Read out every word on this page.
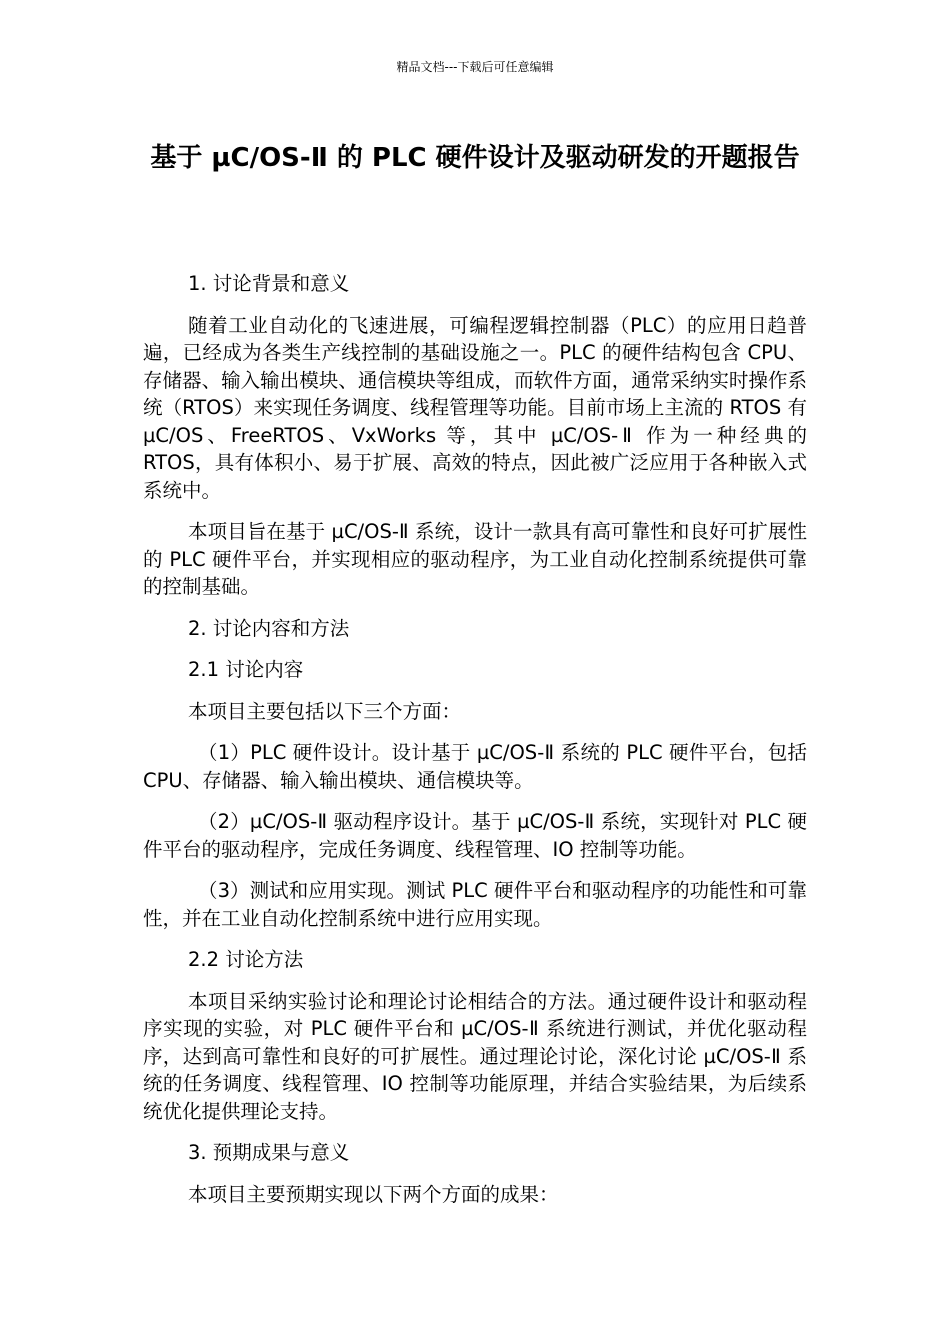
精品文档---下载后可任意编辑
基于 µC/OS-Ⅱ 的 PLC 硬件设计及驱动研发的开题报告

1. 讨论背景和意义

随着工业自动化的飞速进展，可编程逻辑控制器（PLC）的应用日趋普遍，已经成为各类生产线控制的基础设施之一。PLC 的硬件结构包含 CPU、存储器、输入输出模块、通信模块等组成，而软件方面，通常采纳实时操作系统（RTOS）来实现任务调度、线程管理等功能。目前市场上主流的 RTOS 有 µC/OS、FreeRTOS、VxWorks 等，其中 µC/OS-Ⅱ 作为一种经典的 RTOS，具有体积小、易于扩展、高效的特点，因此被广泛应用于各种嵌入式系统中。

本项目旨在基于 µC/OS-Ⅱ 系统，设计一款具有高可靠性和良好可扩展性的 PLC 硬件平台，并实现相应的驱动程序，为工业自动化控制系统提供可靠的控制基础。

2. 讨论内容和方法

2.1 讨论内容

本项目主要包括以下三个方面：

（1）PLC 硬件设计。设计基于 µC/OS-Ⅱ 系统的 PLC 硬件平台，包括 CPU、存储器、输入输出模块、通信模块等。

（2）µC/OS-Ⅱ 驱动程序设计。基于 µC/OS-Ⅱ 系统，实现针对 PLC 硬件平台的驱动程序，完成任务调度、线程管理、IO 控制等功能。

（3）测试和应用实现。测试 PLC 硬件平台和驱动程序的功能性和可靠性，并在工业自动化控制系统中进行应用实现。

2.2 讨论方法

本项目采纳实验讨论和理论讨论相结合的方法。通过硬件设计和驱动程序实现的实验，对 PLC 硬件平台和 µC/OS-Ⅱ 系统进行测试，并优化驱动程序，达到高可靠性和良好的可扩展性。通过理论讨论，深化讨论 µC/OS-Ⅱ 系统的任务调度、线程管理、IO 控制等功能原理，并结合实验结果，为后续系统优化提供理论支持。

3. 预期成果与意义

本项目主要预期实现以下两个方面的成果：
